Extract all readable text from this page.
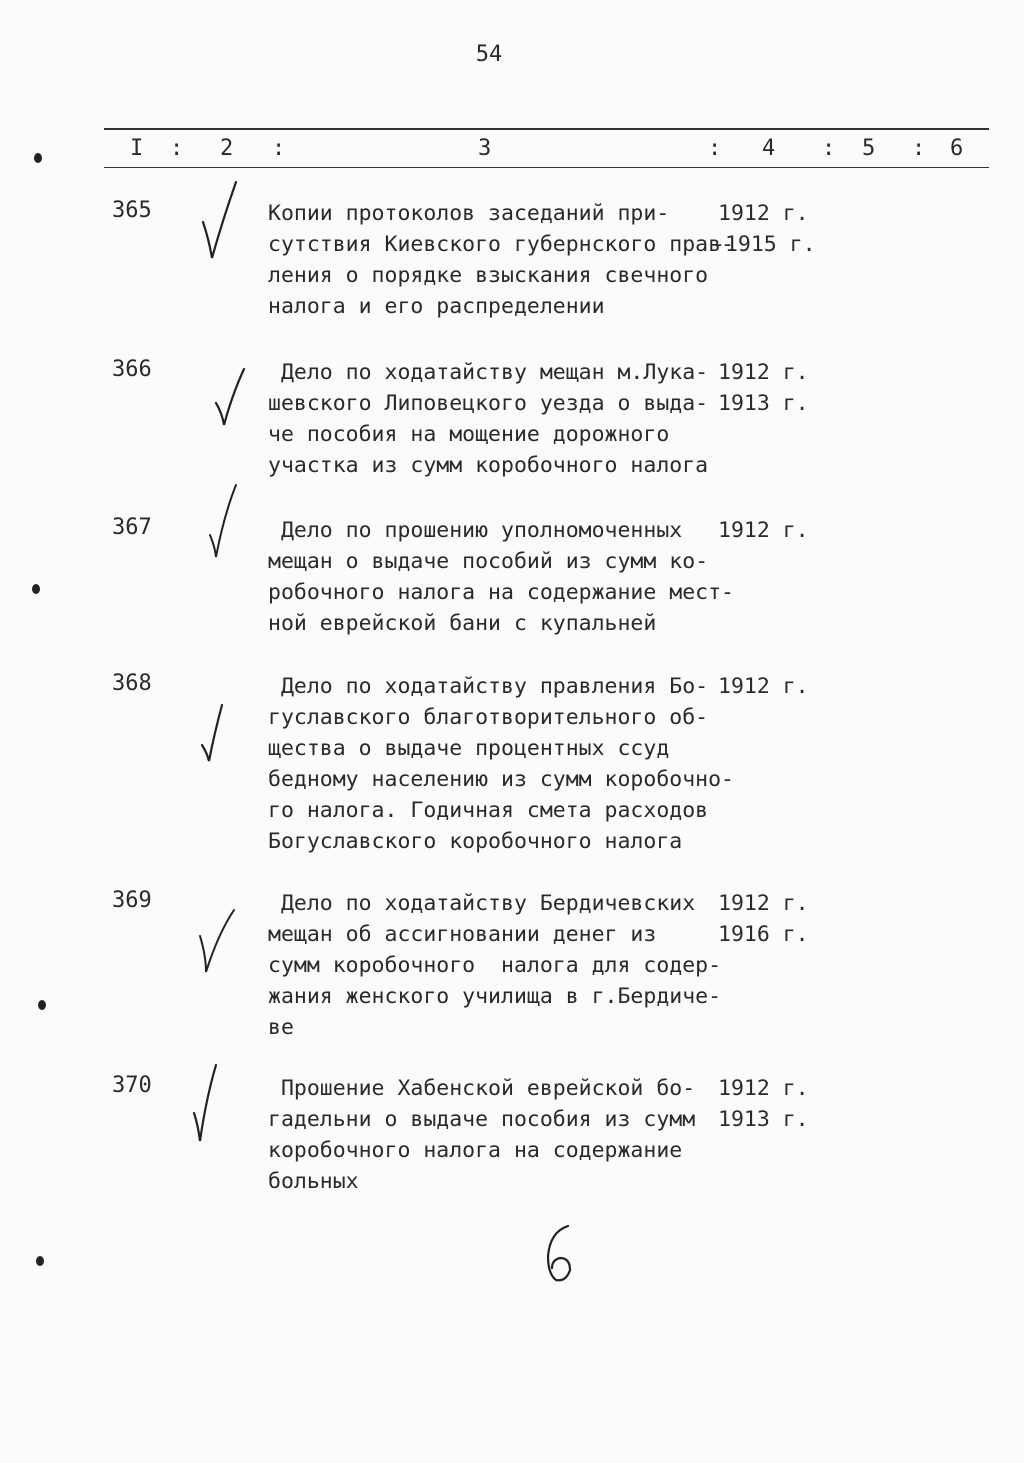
54
I : 2 :	3	: 4 : 5 : 6
365	Копии протоколов заседаний при-
сутствия Киевского губернского прав-
ления о порядке взыскания свечного
налога и его распределении
1912 г.
-1915 г.
366	Дело по ходатайству мещан м.Лука-
шевского Липовецкого уезда о выда-
че пособия на мощение дорожного
участка из сумм коробочного налога
1912 г.
1913 г.
367	Дело по прошению уполномоченных
мещан о выдаче пособий из сумм ко-
робочного налога на содержание мест-
ной еврейской бани с купальней
1912 г.
368	Дело по ходатайству правления Бо-
гуславского благотворительного об-
щества о выдаче процентных ссуд
бедному населению из сумм коробочно-
го налога. Годичная смета расходов
Богуславского коробочного налога
1912 г.
369	Дело по ходатайству Бердичевских
мещан об ассигновании денег из
сумм коробочного  налога для содер-
жания женского училища в г.Бердиче-
ве
1912 г.
1916 г.
370	Прошение Хабенской еврейской бо-
гадельни о выдаче пособия из сумм
коробочного налога на содержание
больных
1912 г.
1913 г.
